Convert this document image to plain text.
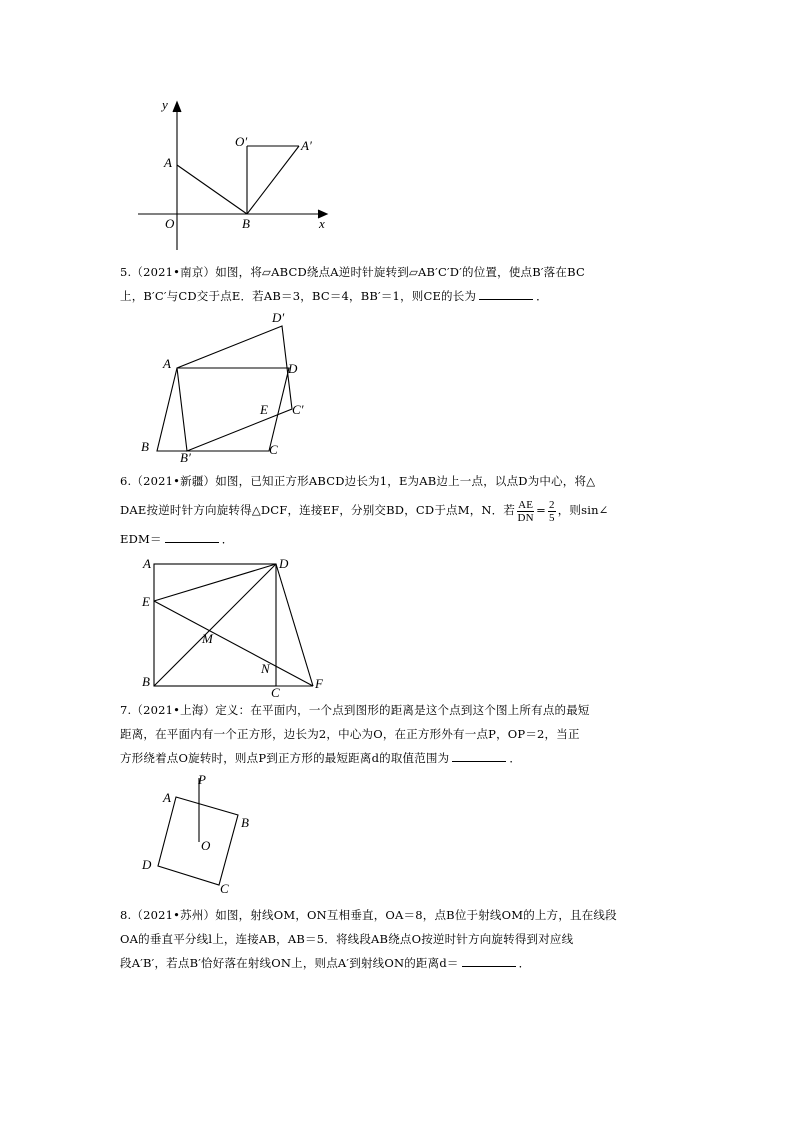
y
A
O	B	x
O′	A′
5.（2021•南京）如图，将▱ABCD绕点A逆时针旋转到▱AB′C′D′的位置，使点B′落在BC
上，B′C′与CD交于点E．若AB＝3，BC＝4，BB′＝1，则CE的长为	．
D′
A	D
E C′
B
B′
C
6.（2021•新疆）如图，已知正方形ABCD边长为1，E为AB边上一点，以点D为中心，将△
DAE按逆时针方向旋转得△DCF，连接EF，分别交BD，CD于点M，N．若 $\frac{AE}{DN} = \frac{2}{5}$ ，则sin∠
EDM＝	．
A	D
E
M
N
B
C
F
7.（2021•上海）定义：在平面内，一个点到图形的距离是这个点到这个图上所有点的最短
距离，在平面内有一个正方形，边长为2，中心为O，在正方形外有一点P，OP＝2，当正
方形绕着点O旋转时，则点P到正方形的最短距离d的取值范围为	．
P
A
B
O
D
C
8.（2021•苏州）如图，射线OM，ON互相垂直，OA＝8，点B位于射线OM的上方，且在线段
OA的垂直平分线l上，连接AB，AB＝5．将线段AB绕点O按逆时针方向旋转得到对应线
段A′B′，若点B′恰好落在射线ON上，则点A′到射线ON的距离d＝	．
